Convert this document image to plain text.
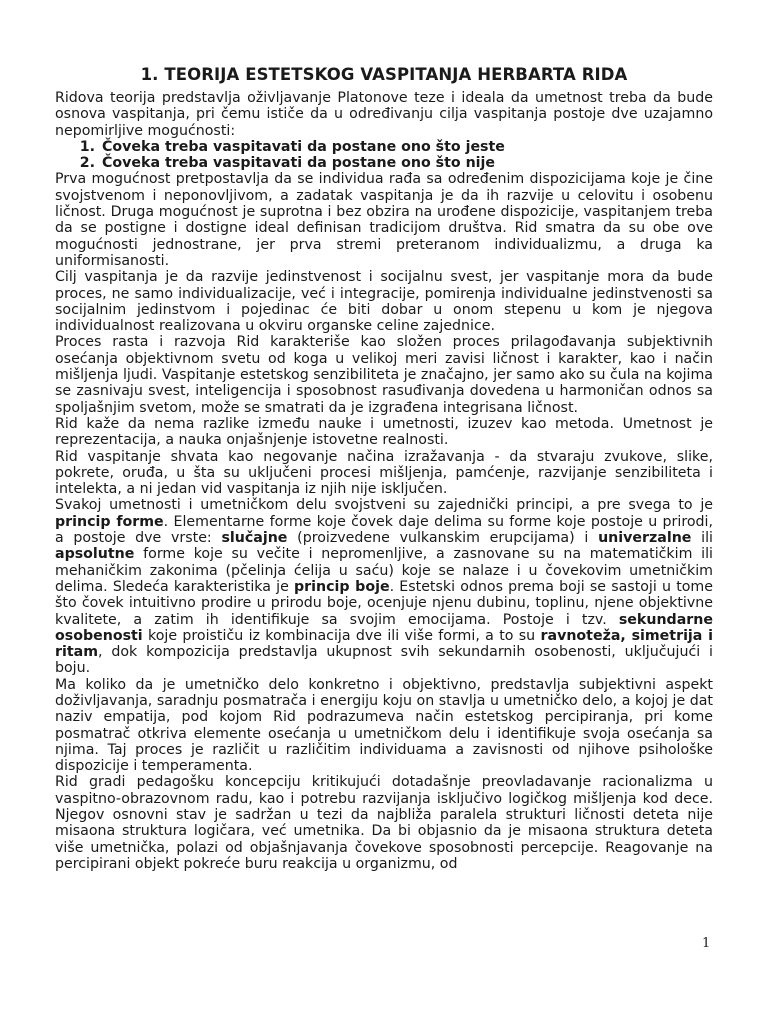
1. TEORIJA ESTETSKOG VASPITANJA HERBARTA RIDA

Ridova teorija predstavlja oživljavanje Platonove teze i ideala da umetnost treba da bude osnova vaspitanja, pri čemu ističe da u određivanju cilja vaspitanja postoje dve uzajamno nepomirljive mogućnosti:

1. Čoveka treba vaspitavati da postane ono što jeste
2. Čoveka treba vaspitavati da postane ono što nije

Prva mogućnost pretpostavlja da se individua rađa sa određenim dispozicijama koje je čine svojstvenom i neponovljivom, a zadatak vaspitanja je da ih razvije u celovitu i osobenu ličnost. Druga mogućnost je suprotna i bez obzira na urođene dispozicije, vaspitanjem treba da se postigne i dostigne ideal definisan tradicijom društva. Rid smatra da su obe ove mogućnosti jednostrane, jer prva stremi preteranom individualizmu, a druga ka uniformisanosti.

Cilj vaspitanja je da razvije jedinstvenost i socijalnu svest, jer vaspitanje mora da bude proces, ne samo individualizacije, već i integracije, pomirenja individualne jedinstvenosti sa socijalnim jedinstvom i pojedinac će biti dobar u onom stepenu u kom je njegova individualnost realizovana u okviru organske celine zajednice.

Proces rasta i razvoja Rid karakteriše kao složen proces prilagođavanja subjektivnih osećanja objektivnom svetu od koga u velikoj meri zavisi ličnost i karakter, kao i način mišljenja ljudi. Vaspitanje estetskog senzibiliteta je značajno, jer samo ako su čula na kojima se zasnivaju svest, inteligencija i sposobnost rasuđivanja dovedena u harmoničan odnos sa spoljašnjim svetom, može se smatrati da je izgrađena integrisana ličnost.

Rid kaže da nema razlike između nauke i umetnosti, izuzev kao metoda. Umetnost je reprezentacija, a nauka onjašnjenje istovetne realnosti.

Rid vaspitanje shvata kao negovanje načina izražavanja - da stvaraju zvukove, slike, pokrete, oruđa, u šta su uključeni procesi mišljenja, pamćenje, razvijanje senzibiliteta i intelekta, a ni jedan vid vaspitanja iz njih nije isključen.

Svakoj umetnosti i umetničkom delu svojstveni su zajednički principi, a pre svega to je princip forme. Elementarne forme koje čovek daje delima su forme koje postoje u prirodi, a postoje dve vrste: slučajne (proizvedene vulkanskim erupcijama) i univerzalne ili apsolutne forme koje su večite i nepromenljive, a zasnovane su na matematičkim ili mehaničkim zakonima (pčelinja ćelija u saću) koje se nalaze i u čovekovim umetničkim delima. Sledeća karakteristika je princip boje. Estetski odnos prema boji se sastoji u tome što čovek intuitivno prodire u prirodu boje, ocenjuje njenu dubinu, toplinu, njene objektivne kvalitete, a zatim ih identifikuje sa svojim emocijama. Postoje i tzv. sekundarne osobenosti koje proističu iz kombinacija dve ili više formi, a to su ravnoteža, simetrija i ritam, dok kompozicija predstavlja ukupnost svih sekundarnih osobenosti, uključujući i boju.

Ma koliko da je umetničko delo konkretno i objektivno, predstavlja subjektivni aspekt doživljavanja, saradnju posmatrača i energiju koju on stavlja u umetničko delo, a kojoj je dat naziv empatija, pod kojom Rid podrazumeva način estetskog percipiranja, pri kome posmatrač otkriva elemente osećanja u umetničkom delu i identifikuje svoja osećanja sa njima. Taj proces je različit u različitim individuama a zavisnosti od njihove psihološke dispozicije i temperamenta.

Rid gradi pedagošku koncepciju kritikujući dotadašnje preovladavanje racionalizma u vaspitno-obrazovnom radu, kao i potrebu razvijanja isključivo logičkog mišljenja kod dece. Njegov osnovni stav je sadržan u tezi da najbliža paralela strukturi ličnosti deteta nije misaona struktura logičara, već umetnika. Da bi objasnio da je misaona struktura deteta više umetnička, polazi od objašnjavanja čovekove sposobnosti percepcije. Reagovanje na percipirani objekt pokreće buru reakcija u organizmu, od

1
